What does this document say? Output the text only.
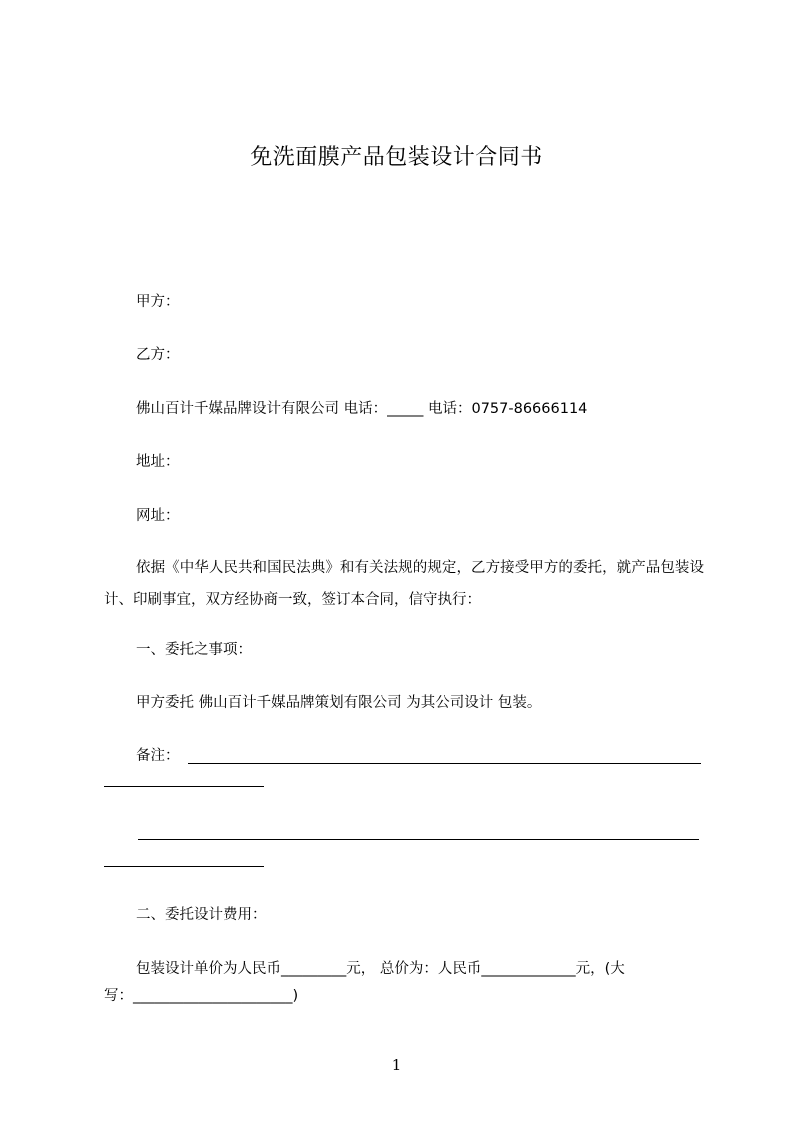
免洗面膜产品包装设计合同书
甲方：
乙方：
佛山百计千媒品牌设计有限公司 电话：_____ 电话：0757-86666114
地址：
网址：
依据《中华人民共和国民法典》和有关法规的规定，乙方接受甲方的委托，就产品包装设计、印刷事宜，双方经协商一致，签订本合同，信守执行：
一、委托之事项：
甲方委托 佛山百计千媒品牌策划有限公司 为其公司设计 包装。
备注：
二、委托设计费用：
包装设计单价为人民币_________元， 总价为：人民币_____________元，(大
写：______________________)
1
